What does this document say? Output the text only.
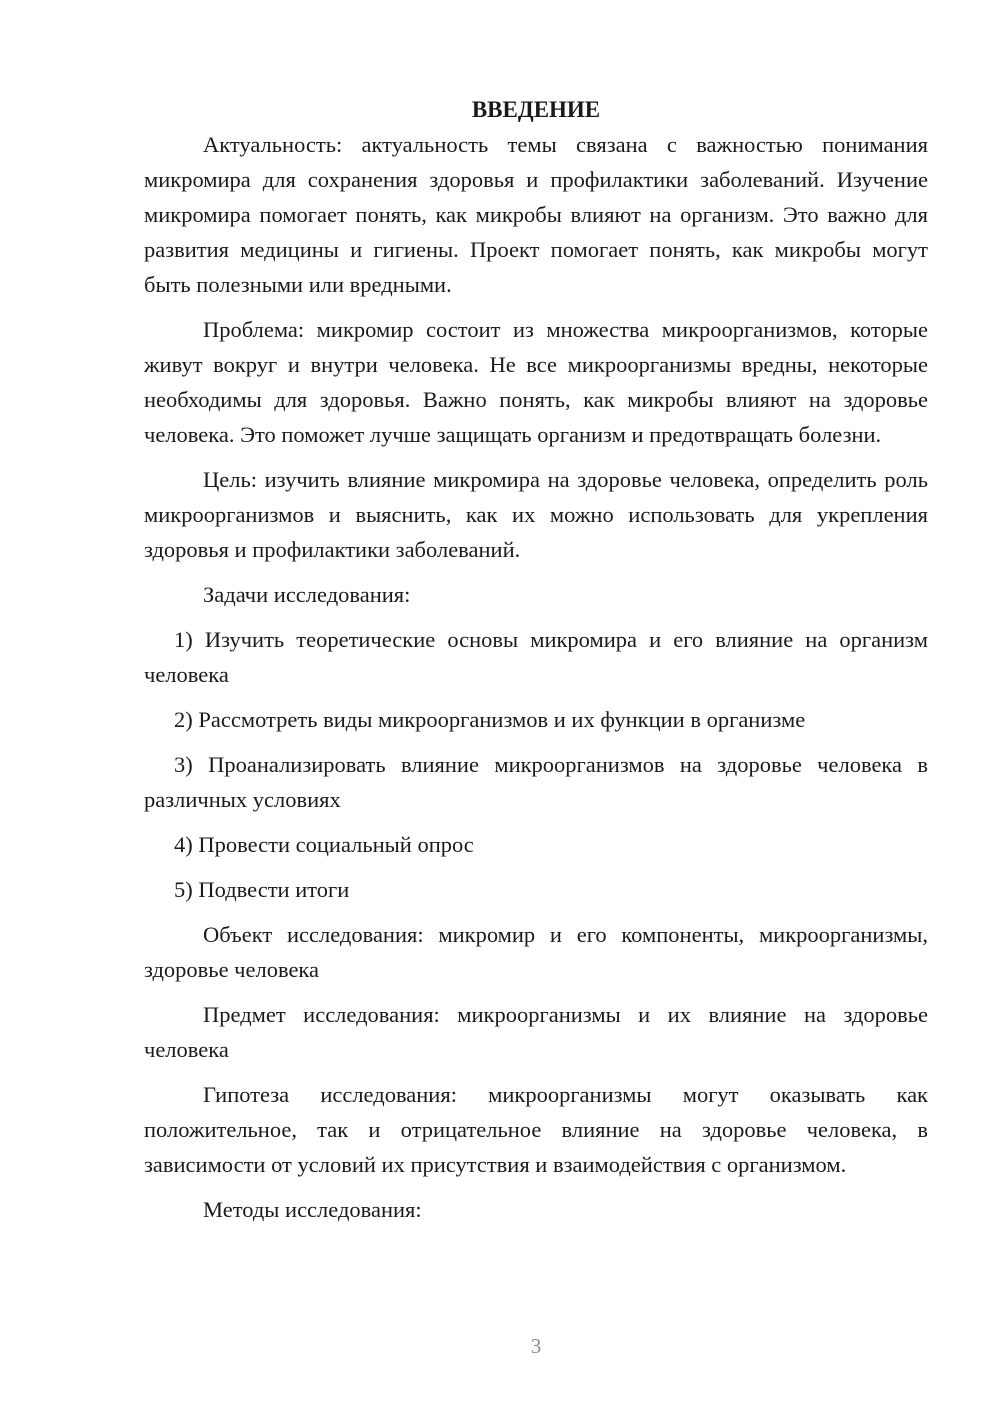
ВВЕДЕНИЕ

Актуальность: актуальность темы связана с важностью понимания микромира для сохранения здоровья и профилактики заболеваний. Изучение микромира помогает понять, как микробы влияют на организм. Это важно для развития медицины и гигиены. Проект помогает понять, как микробы могут быть полезными или вредными.

Проблема: микромир состоит из множества микроорганизмов, которые живут вокруг и внутри человека. Не все микроорганизмы вредны, некоторые необходимы для здоровья. Важно понять, как микробы влияют на здоровье человека. Это поможет лучше защищать организм и предотвращать болезни.

Цель: изучить влияние микромира на здоровье человека, определить роль микроорганизмов и выяснить, как их можно использовать для укрепления здоровья и профилактики заболеваний.

Задачи исследования:

1) Изучить теоретические основы микромира и его влияние на организм человека

2) Рассмотреть виды микроорганизмов и их функции в организме

3) Проанализировать влияние микроорганизмов на здоровье человека в различных условиях

4) Провести социальный опрос

5) Подвести итоги

Объект исследования: микромир и его компоненты, микроорганизмы, здоровье человека

Предмет исследования: микроорганизмы и их влияние на здоровье человека

Гипотеза исследования: микроорганизмы могут оказывать как положительное, так и отрицательное влияние на здоровье человека, в зависимости от условий их присутствия и взаимодействия с организмом.

Методы исследования:

3
